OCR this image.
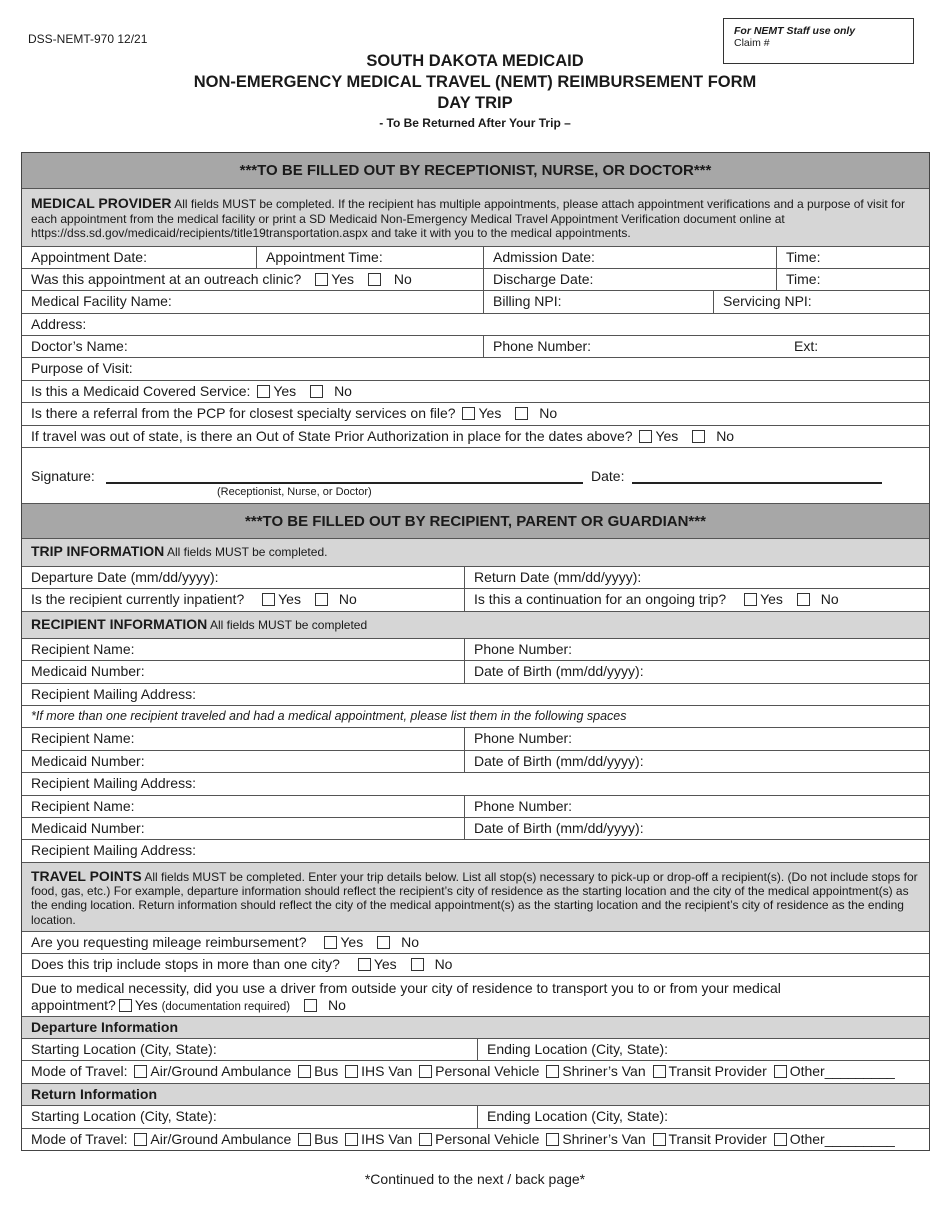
DSS-NEMT-970 12/21
For NEMT Staff use only
Claim #
SOUTH DAKOTA MEDICAID
NON-EMERGENCY MEDICAL TRAVEL (NEMT) REIMBURSEMENT FORM
DAY TRIP
- To Be Returned After Your Trip –
***TO BE FILLED OUT BY RECEPTIONIST, NURSE, OR DOCTOR***
MEDICAL PROVIDER All fields MUST be completed. If the recipient has multiple appointments, please attach appointment verifications and a purpose of visit for each appointment from the medical facility or print a SD Medicaid Non-Emergency Medical Travel Appointment Verification document online at https://dss.sd.gov/medicaid/recipients/title19transportation.aspx and take it with you to the medical appointments.
Appointment Date:	Appointment Time:	Admission Date:	Time:
Was this appointment at an outreach clinic? Yes	No	Discharge Date:	Time:
Medical Facility Name:	Billing NPI:	Servicing NPI:
Address:
Doctor’s Name:	Phone Number:	Ext:
Purpose of Visit:
Is this a Medicaid Covered Service: Yes	No
Is there a referral from the PCP for closest specialty services on file? Yes	No
If travel was out of state, is there an Out of State Prior Authorization in place for the dates above? Yes	No
Signature:
(Receptionist, Nurse, or Doctor)
Date:
***TO BE FILLED OUT BY RECIPIENT, PARENT OR GUARDIAN***
TRIP INFORMATION All fields MUST be completed.
Departure Date (mm/dd/yyyy):	Return Date (mm/dd/yyyy):
Is the recipient currently inpatient? Yes	No	Is this a continuation for an ongoing trip? Yes	No
RECIPIENT INFORMATION All fields MUST be completed
Recipient Name:	Phone Number:
Medicaid Number:	Date of Birth (mm/dd/yyyy):
Recipient Mailing Address:
*If more than one recipient traveled and had a medical appointment, please list them in the following spaces
Recipient Name:	Phone Number:
Medicaid Number:	Date of Birth (mm/dd/yyyy):
Recipient Mailing Address:
Recipient Name:	Phone Number:
Medicaid Number:	Date of Birth (mm/dd/yyyy):
Recipient Mailing Address:
TRAVEL POINTS All fields MUST be completed. Enter your trip details below. List all stop(s) necessary to pick-up or drop-off a recipient(s). (Do not include stops for food, gas, etc.) For example, departure information should reflect the recipient’s city of residence as the starting location and the city of the medical appointment(s) as the ending location. Return information should reflect the city of the medical appointment(s) as the starting location and the recipient’s city of residence as the ending location.
Are you requesting mileage reimbursement? Yes	No
Does this trip include stops in more than one city? Yes	No
Due to medical necessity, did you use a driver from outside your city of residence to transport you to or from your medical
appointment? Yes (documentation required)	No
Departure Information
Starting Location (City, State):	Ending Location (City, State):
Mode of Travel: Air/Ground Ambulance Bus IHS Van Personal Vehicle Shriner’s Van Transit Provider Other_________
Return Information
Starting Location (City, State):	Ending Location (City, State):
Mode of Travel: Air/Ground Ambulance Bus IHS Van Personal Vehicle Shriner’s Van Transit Provider Other_________
*Continued to the next / back page*
